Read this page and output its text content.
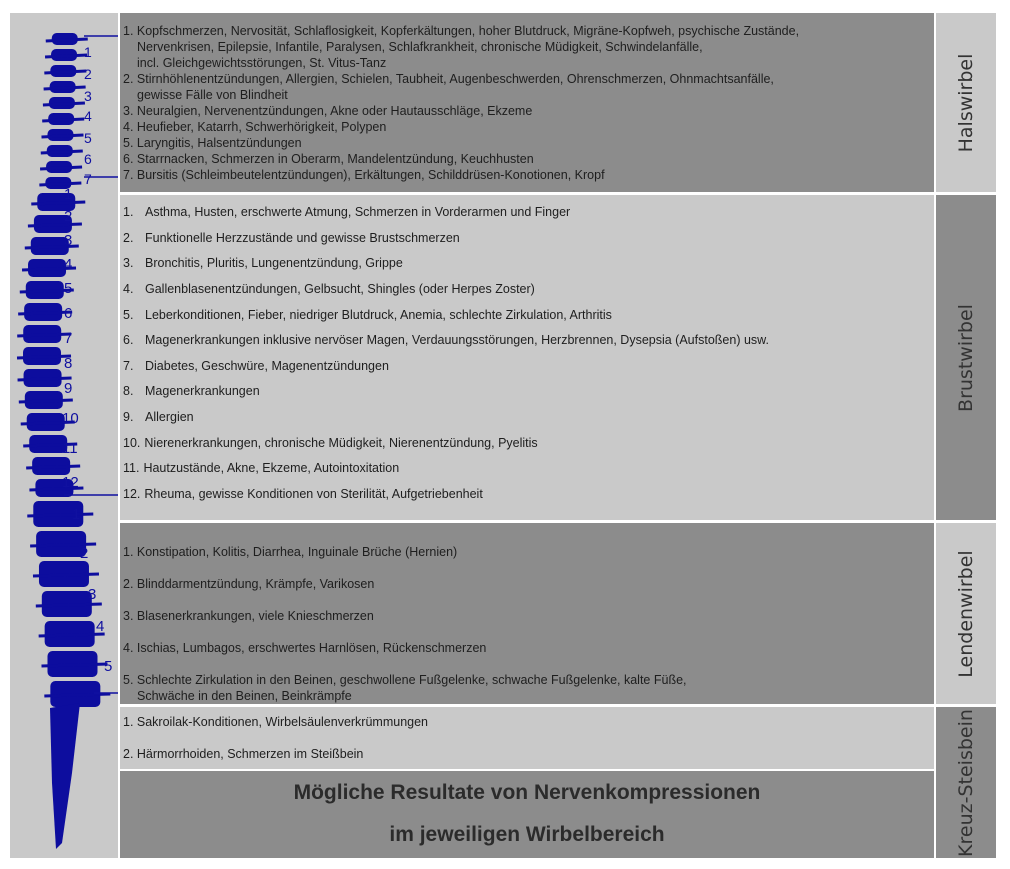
1
2
3
4
5
6
7
1
2
3
4
5
6
7
8
9
10
11
12
1
2
3
4
5
1. Kopfschmerzen, Nervosität, Schlaflosigkeit, Kopferkältungen, hoher Blutdruck, Migräne-Kopfweh, psychische Zustände,
Nervenkrisen, Epilepsie, Infantile, Paralysen, Schlafkrankheit, chronische Müdigkeit, Schwindelanfälle,
incl. Gleichgewichtsstörungen, St. Vitus-Tanz
2. Stirnhöhlenentzündungen, Allergien, Schielen, Taubheit, Augenbeschwerden, Ohrenschmerzen, Ohnmachtsanfälle,
gewisse Fälle von Blindheit
3. Neuralgien, Nervenentzündungen, Akne oder Hautausschläge, Ekzeme
4. Heufieber, Katarrh, Schwerhörigkeit, Polypen
5. Laryngitis, Halsentzündungen
6. Starrnacken, Schmerzen in Oberarm, Mandelentzündung, Keuchhusten
7. Bursitis (Schleimbeutelentzündungen), Erkältungen, Schilddrüsen-Konotionen, Kropf
Halswirbel
1. Asthma, Husten, erschwerte Atmung, Schmerzen in Vorderarmen und Finger
2. Funktionelle Herzzustände und gewisse Brustschmerzen
3. Bronchitis, Pluritis, Lungenentzündung, Grippe
4. Gallenblasenentzündungen, Gelbsucht, Shingles (oder Herpes Zoster)
5. Leberkonditionen, Fieber, niedriger Blutdruck, Anemia, schlechte Zirkulation, Arthritis
6. Magenerkrankungen inklusive nervöser Magen, Verdauungsstörungen, Herzbrennen, Dysepsia (Aufstoßen) usw.
7. Diabetes, Geschwüre, Magenentzündungen
8. Magenerkrankungen
9. Allergien
10. Nierenerkrankungen, chronische Müdigkeit, Nierenentzündung, Pyelitis
11. Hautzustände, Akne, Ekzeme, Autointoxitation
12. Rheuma, gewisse Konditionen von Sterilität, Aufgetriebenheit
Brustwirbel
1. Konstipation, Kolitis, Diarrhea, Inguinale Brüche (Hernien)
2. Blinddarmentzündung, Krämpfe, Varikosen
3. Blasenerkrankungen, viele Knieschmerzen
4. Ischias, Lumbagos, erschwertes Harnlösen, Rückenschmerzen
5. Schlechte Zirkulation in den Beinen, geschwollene Fußgelenke, schwache Fußgelenke, kalte Füße,
Schwäche in den Beinen, Beinkrämpfe
Lendenwirbel
1. Sakroilak-Konditionen, Wirbelsäulenverkrümmungen
2. Härmorrhoiden, Schmerzen im Steißbein	Kreuz-Steisbein
Mögliche Resultate von Nervenkompressionen
im jeweiligen Wirbelbereich
